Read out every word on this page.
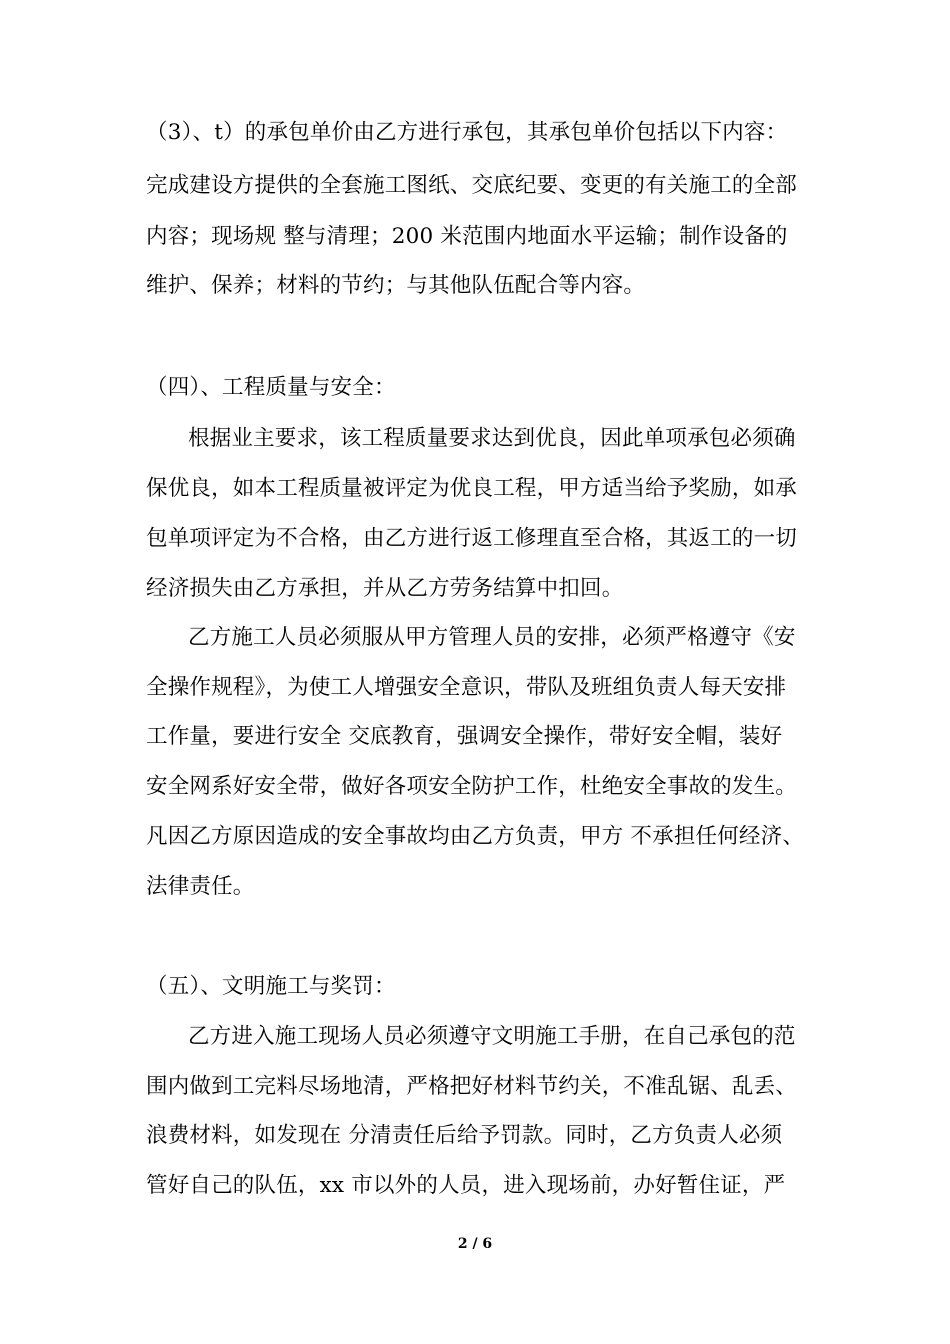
（3）、t）的承包单价由乙方进行承包，其承包单价包括以下内容：
完成建设方提供的全套施工图纸、交底纪要、变更的有关施工的全部
内容；现场规 整与清理；200 米范围内地面水平运输；制作设备的
维护、保养；材料的节约；与其他队伍配合等内容。
（四）、工程质量与安全：
根据业主要求，该工程质量要求达到优良，因此单项承包必须确
保优良，如本工程质量被评定为优良工程，甲方适当给予奖励，如承
包单项评定为不合格，由乙方进行返工修理直至合格，其返工的一切
经济损失由乙方承担，并从乙方劳务结算中扣回。
乙方施工人员必须服从甲方管理人员的安排，必须严格遵守《安
全操作规程》，为使工人增强安全意识，带队及班组负责人每天安排
工作量，要进行安全 交底教育，强调安全操作，带好安全帽，装好
安全网系好安全带，做好各项安全防护工作，杜绝安全事故的发生。
凡因乙方原因造成的安全事故均由乙方负责，甲方 不承担任何经济、
法律责任。
（五）、文明施工与奖罚：
乙方进入施工现场人员必须遵守文明施工手册，在自己承包的范
围内做到工完料尽场地清，严格把好材料节约关，不准乱锯、乱丢、
浪费材料，如发现在 分清责任后给予罚款。同时，乙方负责人必须
管好自己的队伍，xx 市以外的人员，进入现场前，办好暂住证，严
2 / 6
